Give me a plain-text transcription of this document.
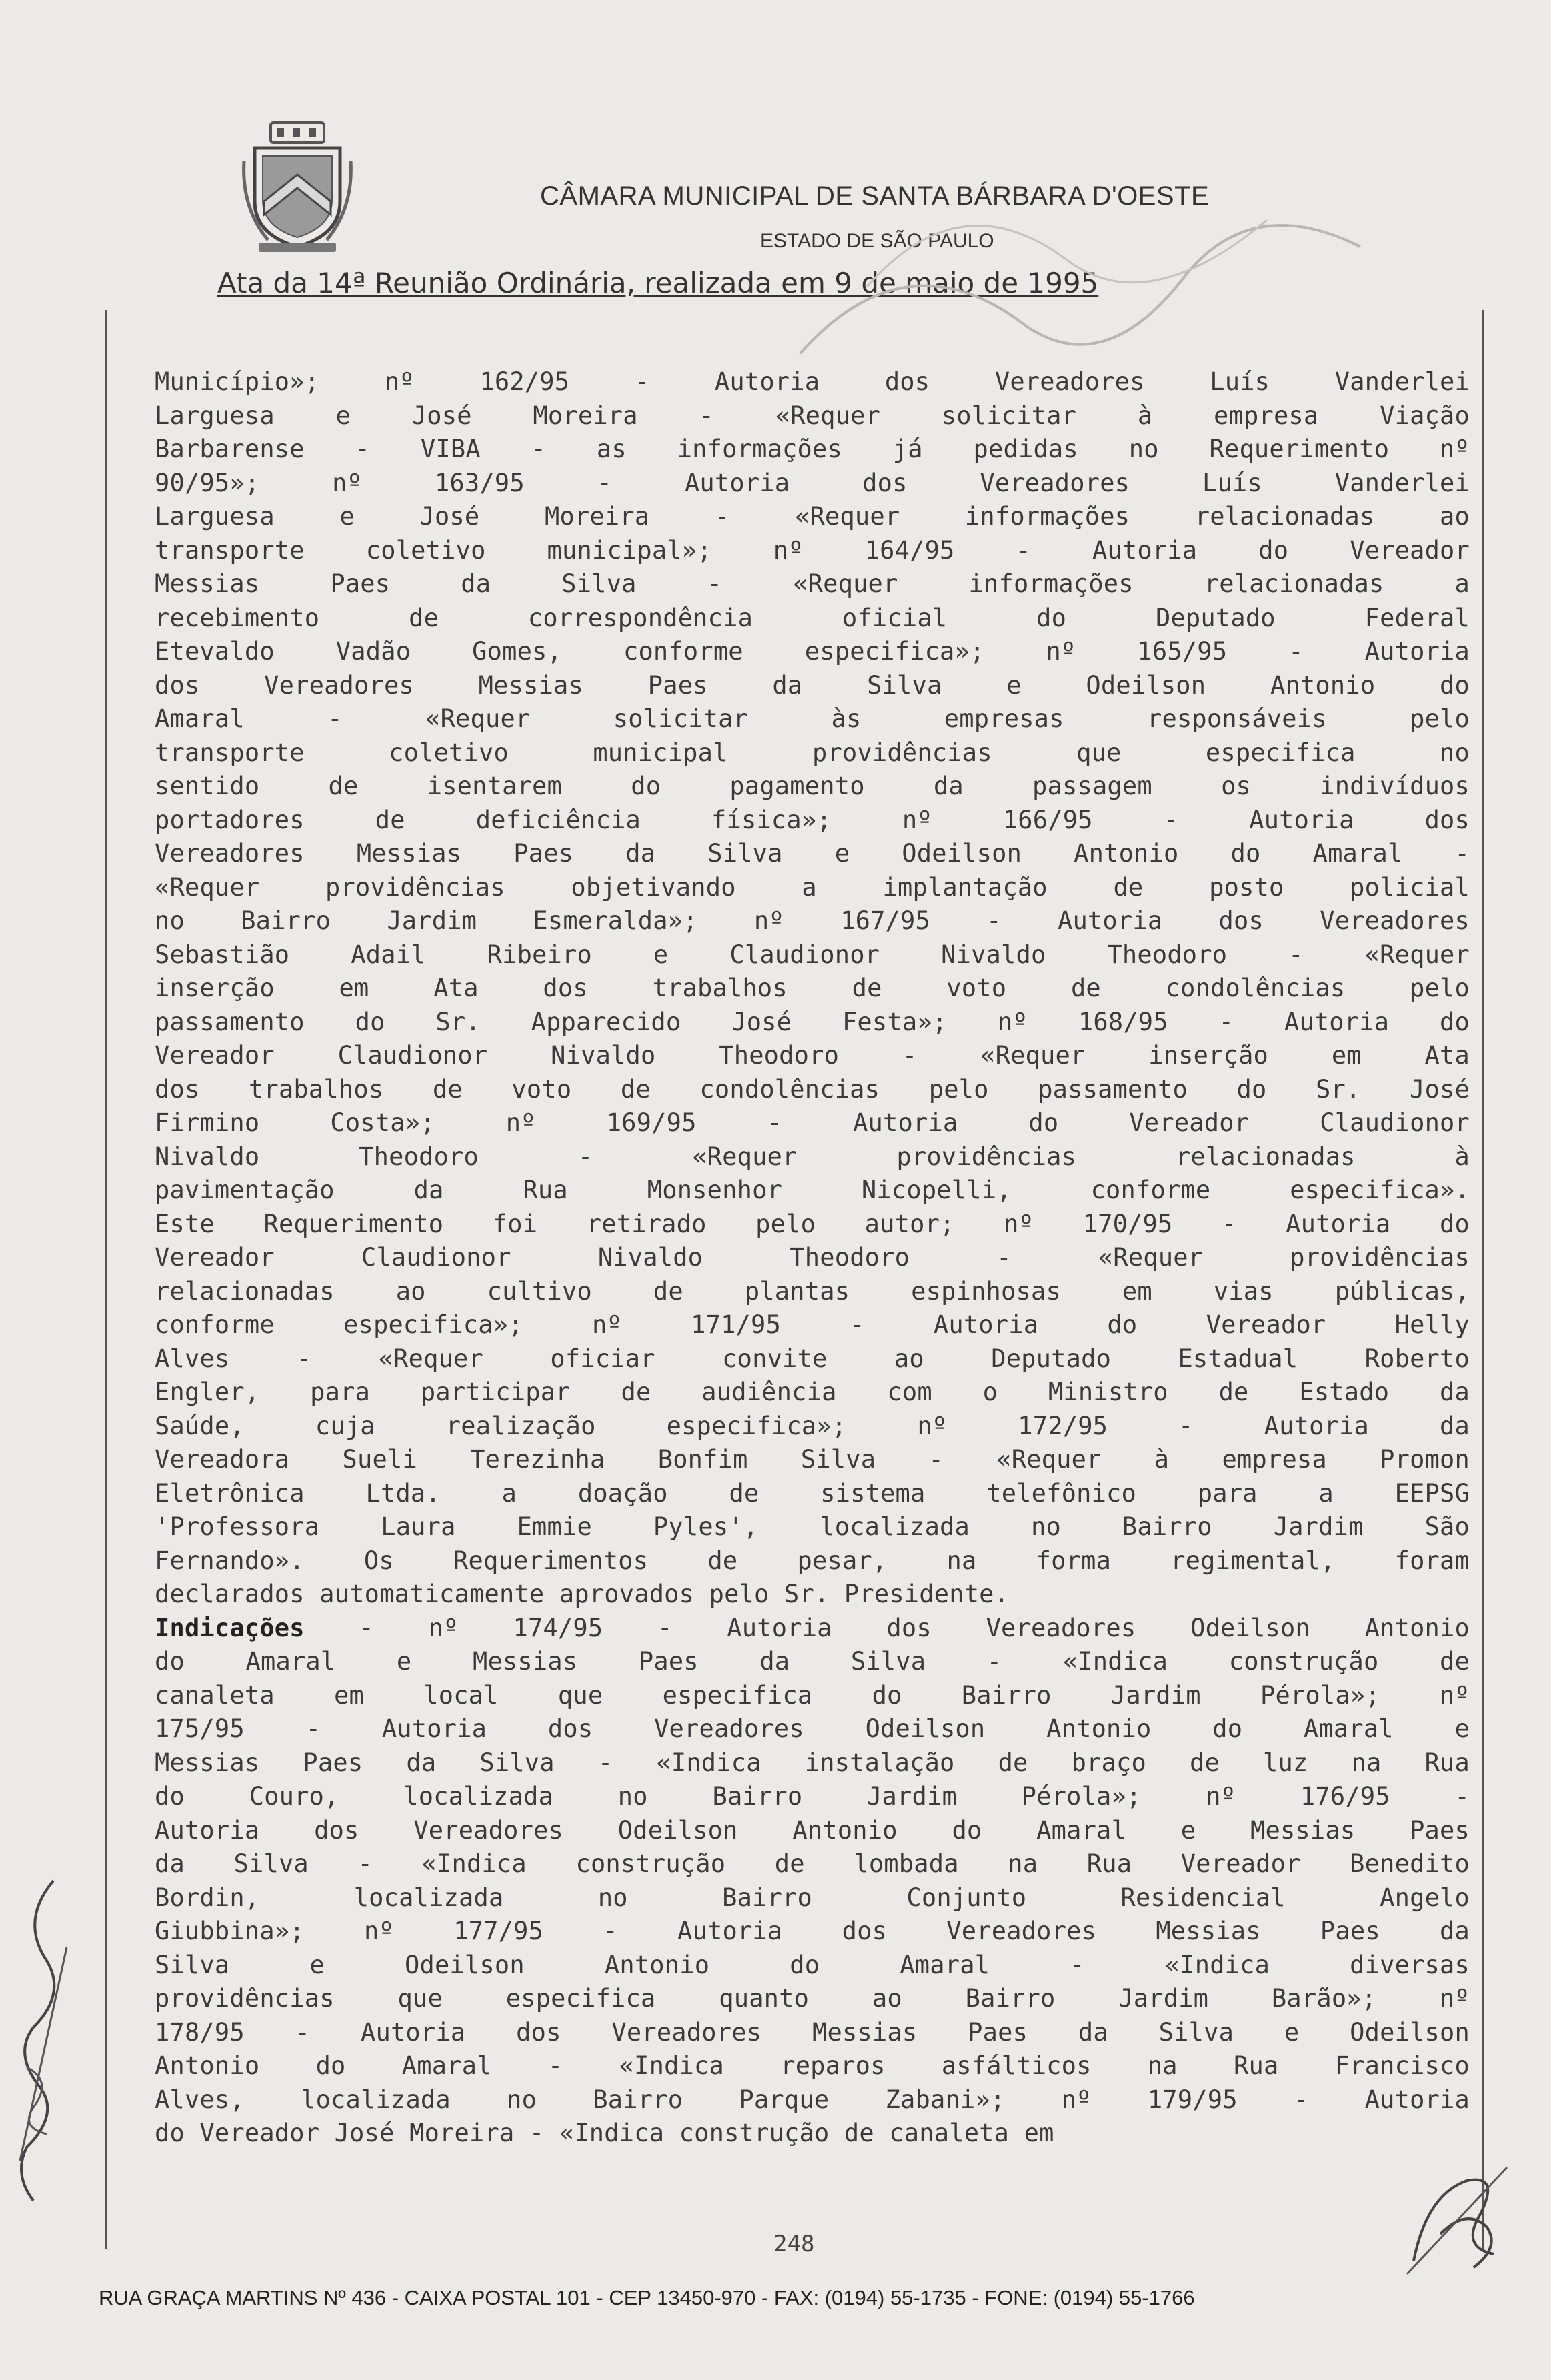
CÂMARA MUNICIPAL DE SANTA BÁRBARA D'OESTE
ESTADO DE SÃO PAULO
Ata da 14ª Reunião Ordinária, realizada em 9 de maio de 1995
Município»; nº 162/95 - Autoria dos Vereadores Luís Vanderlei
Larguesa e José Moreira - «Requer solicitar à empresa Viação
Barbarense - VIBA - as informações já pedidas no Requerimento nº
90/95»; nº 163/95 - Autoria dos Vereadores Luís Vanderlei
Larguesa e José Moreira - «Requer informações relacionadas ao
transporte coletivo municipal»; nº 164/95 - Autoria do Vereador
Messias Paes da Silva - «Requer informações relacionadas a
recebimento de correspondência oficial do Deputado Federal
Etevaldo Vadão Gomes, conforme especifica»; nº 165/95 - Autoria
dos Vereadores Messias Paes da Silva e Odeilson Antonio do
Amaral - «Requer solicitar às empresas responsáveis pelo
transporte coletivo municipal providências que especifica no
sentido de isentarem do pagamento da passagem os indivíduos
portadores de deficiência física»; nº 166/95 - Autoria dos
Vereadores Messias Paes da Silva e Odeilson Antonio do Amaral -
«Requer providências objetivando a implantação de posto policial
no Bairro Jardim Esmeralda»; nº 167/95 - Autoria dos Vereadores
Sebastião Adail Ribeiro e Claudionor Nivaldo Theodoro - «Requer
inserção em Ata dos trabalhos de voto de condolências pelo
passamento do Sr. Apparecido José Festa»; nº 168/95 - Autoria do
Vereador Claudionor Nivaldo Theodoro - «Requer inserção em Ata
dos trabalhos de voto de condolências pelo passamento do Sr. José
Firmino Costa»; nº 169/95 - Autoria do Vereador Claudionor
Nivaldo Theodoro - «Requer providências relacionadas à
pavimentação da Rua Monsenhor Nicopelli, conforme especifica».
Este Requerimento foi retirado pelo autor; nº 170/95 - Autoria do
Vereador Claudionor Nivaldo Theodoro - «Requer providências
relacionadas ao cultivo de plantas espinhosas em vias públicas,
conforme especifica»; nº 171/95 - Autoria do Vereador Helly
Alves - «Requer oficiar convite ao Deputado Estadual Roberto
Engler, para participar de audiência com o Ministro de Estado da
Saúde, cuja realização especifica»; nº 172/95 - Autoria da
Vereadora Sueli Terezinha Bonfim Silva - «Requer à empresa Promon
Eletrônica Ltda. a doação de sistema telefônico para a EEPSG
'Professora Laura Emmie Pyles', localizada no Bairro Jardim São
Fernando». Os Requerimentos de pesar, na forma regimental, foram
declarados automaticamente aprovados pelo Sr. Presidente.
Indicações - nº 174/95 - Autoria dos Vereadores Odeilson Antonio
do Amaral e Messias Paes da Silva - «Indica construção de
canaleta em local que especifica do Bairro Jardim Pérola»; nº
175/95 - Autoria dos Vereadores Odeilson Antonio do Amaral e
Messias Paes da Silva - «Indica instalação de braço de luz na Rua
do Couro, localizada no Bairro Jardim Pérola»; nº 176/95 -
Autoria dos Vereadores Odeilson Antonio do Amaral e Messias Paes
da Silva - «Indica construção de lombada na Rua Vereador Benedito
Bordin, localizada no Bairro Conjunto Residencial Angelo
Giubbina»; nº 177/95 - Autoria dos Vereadores Messias Paes da
Silva e Odeilson Antonio do Amaral - «Indica diversas
providências que especifica quanto ao Bairro Jardim Barão»; nº
178/95 - Autoria dos Vereadores Messias Paes da Silva e Odeilson
Antonio do Amaral - «Indica reparos asfálticos na Rua Francisco
Alves, localizada no Bairro Parque Zabani»; nº 179/95 - Autoria
do Vereador José Moreira - «Indica construção de canaleta em
248
RUA GRAÇA MARTINS Nº 436 - CAIXA POSTAL 101 - CEP 13450-970 - FAX: (0194) 55-1735 - FONE: (0194) 55-1766
